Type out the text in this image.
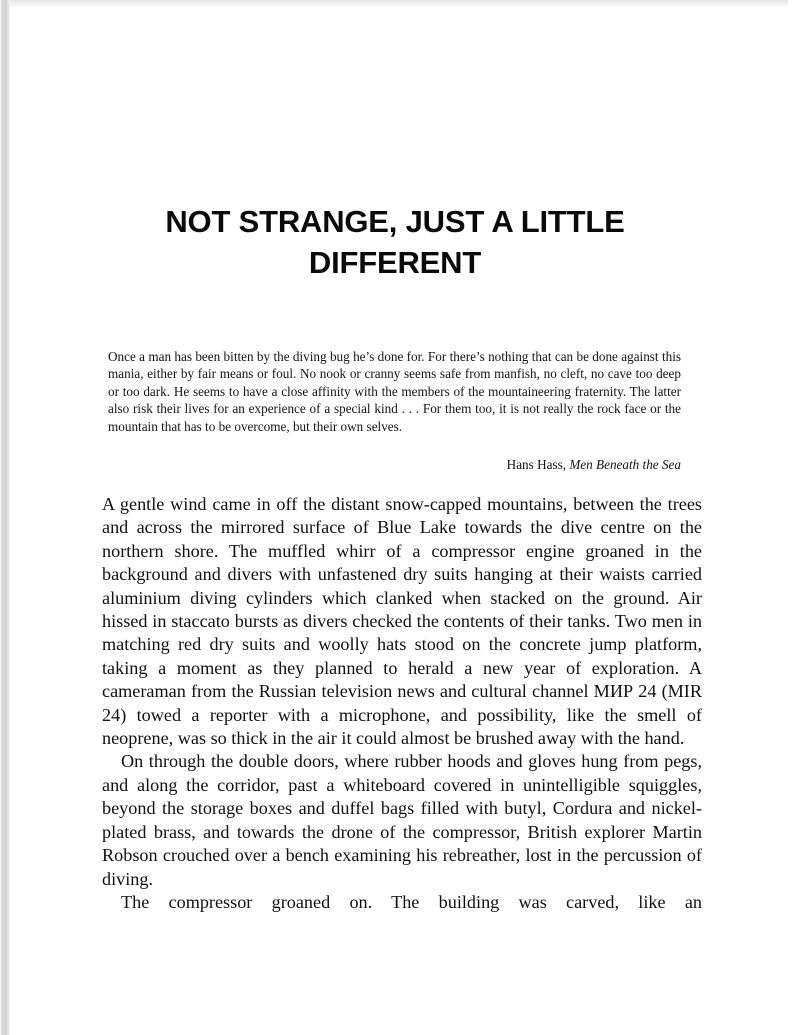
NOT STRANGE, JUST A LITTLE DIFFERENT
Once a man has been bitten by the diving bug he’s done for. For there’s nothing that can be done against this mania, either by fair means or foul. No nook or cranny seems safe from manfish, no cleft, no cave too deep or too dark. He seems to have a close affinity with the members of the mountaineering fraternity. The latter also risk their lives for an experience of a special kind . . . For them too, it is not really the rock face or the mountain that has to be overcome, but their own selves.
Hans Hass, Men Beneath the Sea

A gentle wind came in off the distant snow-capped mountains, between the trees and across the mirrored surface of Blue Lake towards the dive centre on the northern shore. The muffled whirr of a compressor engine groaned in the background and divers with unfastened dry suits hanging at their waists carried aluminium diving cylinders which clanked when stacked on the ground. Air hissed in staccato bursts as divers checked the contents of their tanks. Two men in matching red dry suits and woolly hats stood on the concrete jump platform, taking a moment as they planned to herald a new year of exploration. A cameraman from the Russian television news and cultural channel МИР 24 (MIR 24) towed a reporter with a microphone, and possibility, like the smell of neoprene, was so thick in the air it could almost be brushed away with the hand.

On through the double doors, where rubber hoods and gloves hung from pegs, and along the corridor, past a whiteboard covered in unintelligible squiggles, beyond the storage boxes and duffel bags filled with butyl, Cordura and nickel-plated brass, and towards the drone of the compressor, British explorer Martin Robson crouched over a bench examining his rebreather, lost in the percussion of diving.

The compressor groaned on. The building was carved, like an
